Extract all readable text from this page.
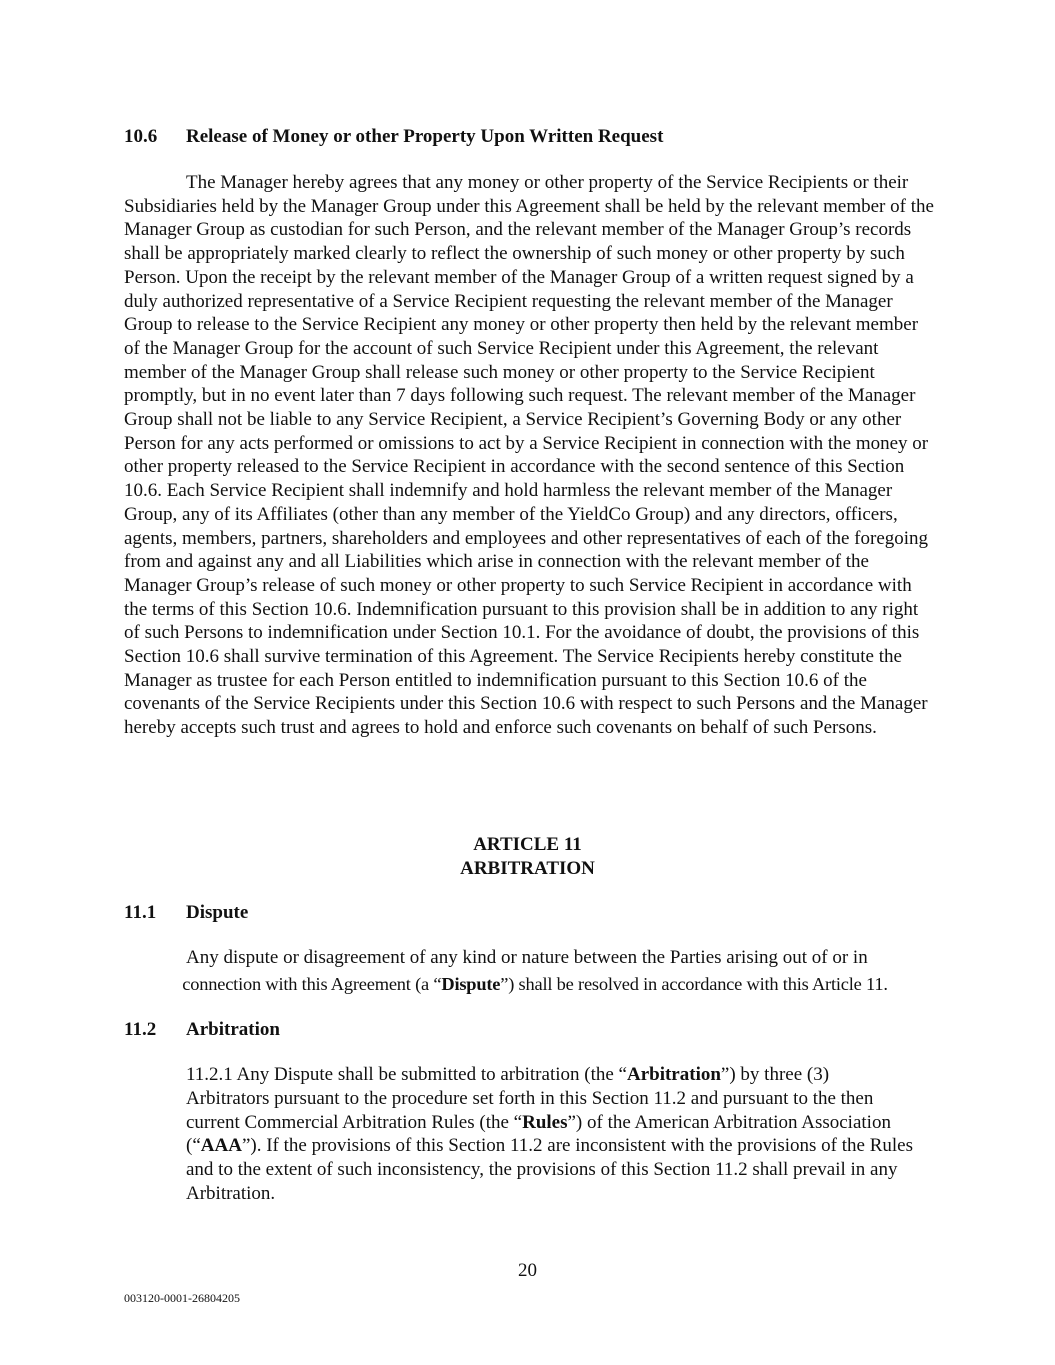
10.6 Release of Money or other Property Upon Written Request

The Manager hereby agrees that any money or other property of the Service Recipients or their Subsidiaries held by the Manager Group under this Agreement shall be held by the relevant member of the Manager Group as custodian for such Person, and the relevant member of the Manager Group’s records shall be appropriately marked clearly to reflect the ownership of such money or other property by such Person. Upon the receipt by the relevant member of the Manager Group of a written request signed by a duly authorized representative of a Service Recipient requesting the relevant member of the Manager Group to release to the Service Recipient any money or other property then held by the relevant member of the Manager Group for the account of such Service Recipient under this Agreement, the relevant member of the Manager Group shall release such money or other property to the Service Recipient promptly, but in no event later than 7 days following such request. The relevant member of the Manager Group shall not be liable to any Service Recipient, a Service Recipient’s Governing Body or any other Person for any acts performed or omissions to act by a Service Recipient in connection with the money or other property released to the Service Recipient in accordance with the second sentence of this Section 10.6. Each Service Recipient shall indemnify and hold harmless the relevant member of the Manager Group, any of its Affiliates (other than any member of the YieldCo Group) and any directors, officers, agents, members, partners, shareholders and employees and other representatives of each of the foregoing from and against any and all Liabilities which arise in connection with the relevant member of the Manager Group’s release of such money or other property to such Service Recipient in accordance with the terms of this Section 10.6. Indemnification pursuant to this provision shall be in addition to any right of such Persons to indemnification under Section 10.1. For the avoidance of doubt, the provisions of this Section 10.6 shall survive termination of this Agreement. The Service Recipients hereby constitute the Manager as trustee for each Person entitled to indemnification pursuant to this Section 10.6 of the covenants of the Service Recipients under this Section 10.6 with respect to such Persons and the Manager hereby accepts such trust and agrees to hold and enforce such covenants on behalf of such Persons.

ARTICLE 11
ARBITRATION
11.1 Dispute
Any dispute or disagreement of any kind or nature between the Parties arising out of or in
connection with this Agreement (a “Dispute”) shall be resolved in accordance with this Article 11.
11.2 Arbitration

11.2.1 Any Dispute shall be submitted to arbitration (the “Arbitration”) by three (3) Arbitrators pursuant to the procedure set forth in this Section 11.2 and pursuant to the then current Commercial Arbitration Rules (the “Rules”) of the American Arbitration Association (“AAA”). If the provisions of this Section 11.2 are inconsistent with the provisions of the Rules and to the extent of such inconsistency, the provisions of this Section 11.2 shall prevail in any Arbitration.

20
003120-0001-26804205
